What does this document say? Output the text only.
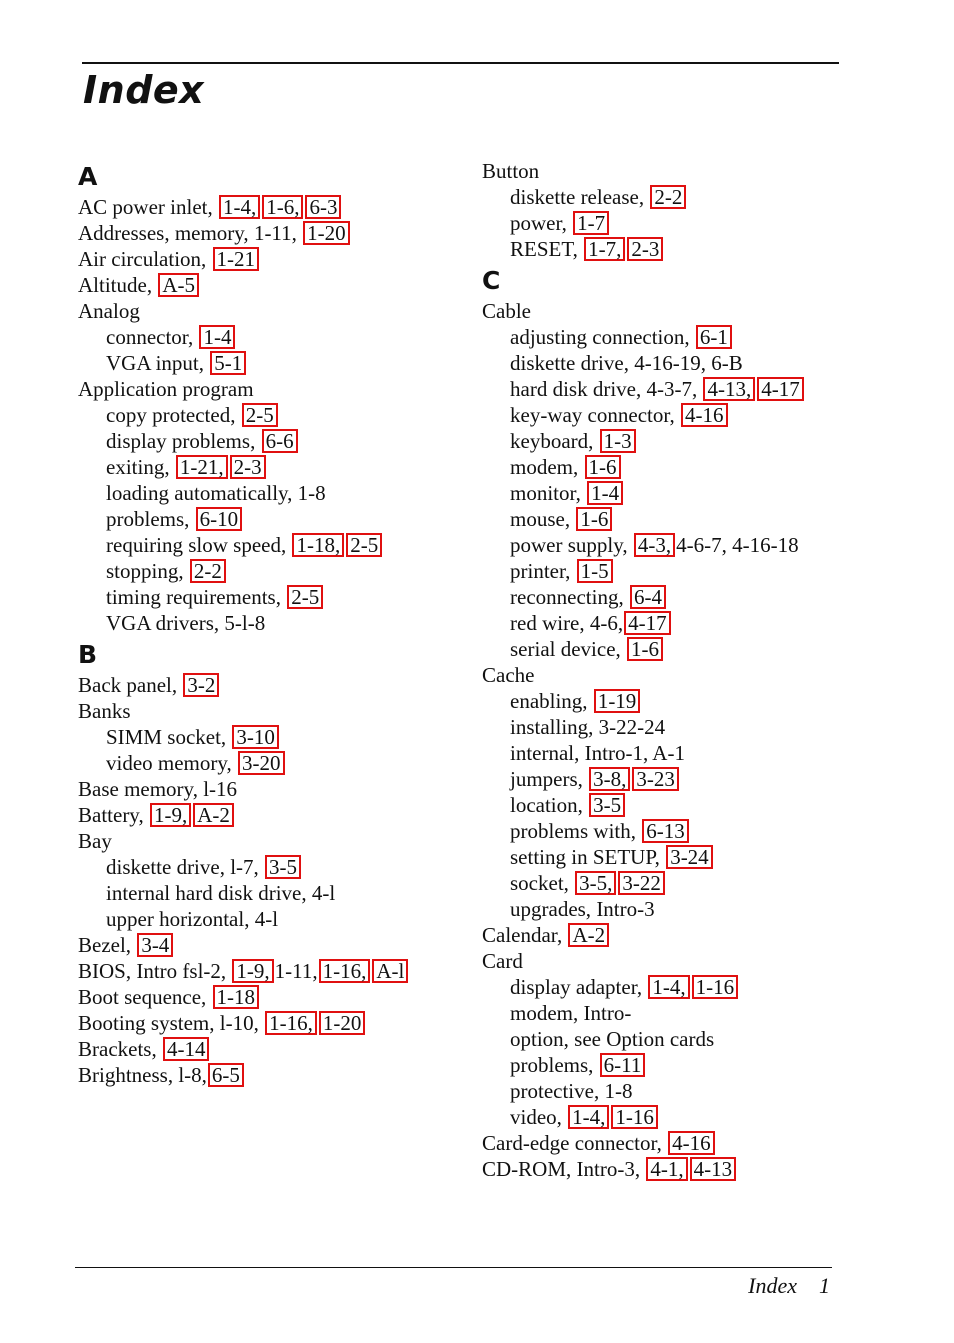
Index
A
AC power inlet, 1-4, 1-6, 6-3
Addresses, memory, 1-11, 1-20
Air circulation, 1-21
Altitude, A-5
Analog
connector, 1-4
VGA input, 5-1
Application program
copy protected, 2-5
display problems, 6-6
exiting, 1-21, 2-3
loading automatically, 1-8
problems, 6-10
requiring slow speed, 1-18, 2-5
stopping, 2-2
timing requirements, 2-5
VGA drivers, 5-l-8
B
Back panel, 3-2
Banks
SIMM socket, 3-10
video memory, 3-20
Base memory, l-16
Battery, 1-9, A-2
Bay
diskette drive, l-7, 3-5
internal hard disk drive, 4-l
upper horizontal, 4-l
Bezel, 3-4
BIOS, Intro fsl-2, 1-9, 1-11, 1-16, A-l
Boot sequence, 1-18
Booting system, l-10, 1-16, 1-20
Brackets, 4-14
Brightness, l-8, 6-5
Button
diskette release, 2-2
power, 1-7
RESET, 1-7, 2-3
C
Cable
adjusting connection, 6-1
diskette drive, 4-16-19, 6-B
hard disk drive, 4-3-7, 4-13, 4-17
key-way connector, 4-16
keyboard, 1-3
modem, 1-6
monitor, 1-4
mouse, 1-6
power supply, 4-3, 4-6-7, 4-16-18
printer, 1-5
reconnecting, 6-4
red wire, 4-6, 4-17
serial device, 1-6
Cache
enabling, 1-19
installing, 3-22-24
internal, Intro-1, A-1
jumpers, 3-8, 3-23
location, 3-5
problems with, 6-13
setting in SETUP, 3-24
socket, 3-5, 3-22
upgrades, Intro-3
Calendar, A-2
Card
display adapter, 1-4, 1-16
modem, Intro-
option, see Option cards
problems, 6-11
protective, 1-8
video, 1-4, 1-16
Card-edge connector, 4-16
CD-ROM, Intro-3, 4-1, 4-13
Index 1
